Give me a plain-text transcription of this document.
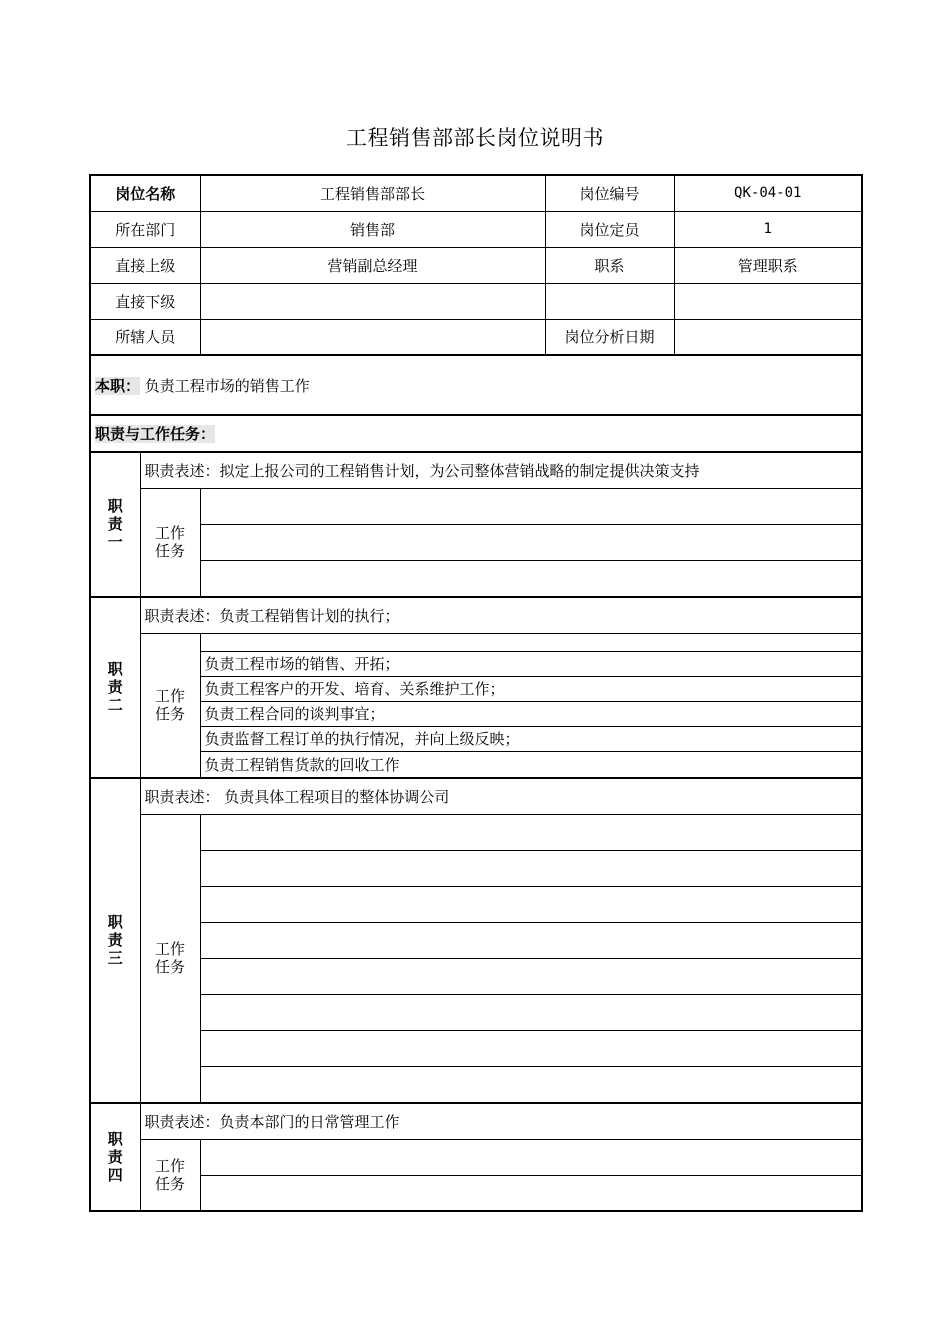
工程销售部部长岗位说明书
岗位名称	工程销售部部长	岗位编号	QK-04-01
所在部门	销售部	岗位定员	1
直接上级	营销副总经理	职系	管理职系
直接下级			
所辖人员		岗位分析日期	
本职： 负责工程市场的销售工作			
职责与工作任务：			
职责一	职责表述：拟定上报公司的工程销售计划，为公司整体营销战略的制定提供决策支持	
	工作任务	

职责二	职责表述：负责工程销售计划的执行；	
	工作任务	
		负责工程市场的销售、开拓；
		负责工程客户的开发、培育、关系维护工作；
		负责工程合同的谈判事宜；
		负责监督工程订单的执行情况，并向上级反映；
		负责工程销售货款的回收工作
职责三	职责表述： 负责具体工程项目的整体协调公司	
	工作任务	

职责四	职责表述：负责本部门的日常管理工作	
	工作任务	
